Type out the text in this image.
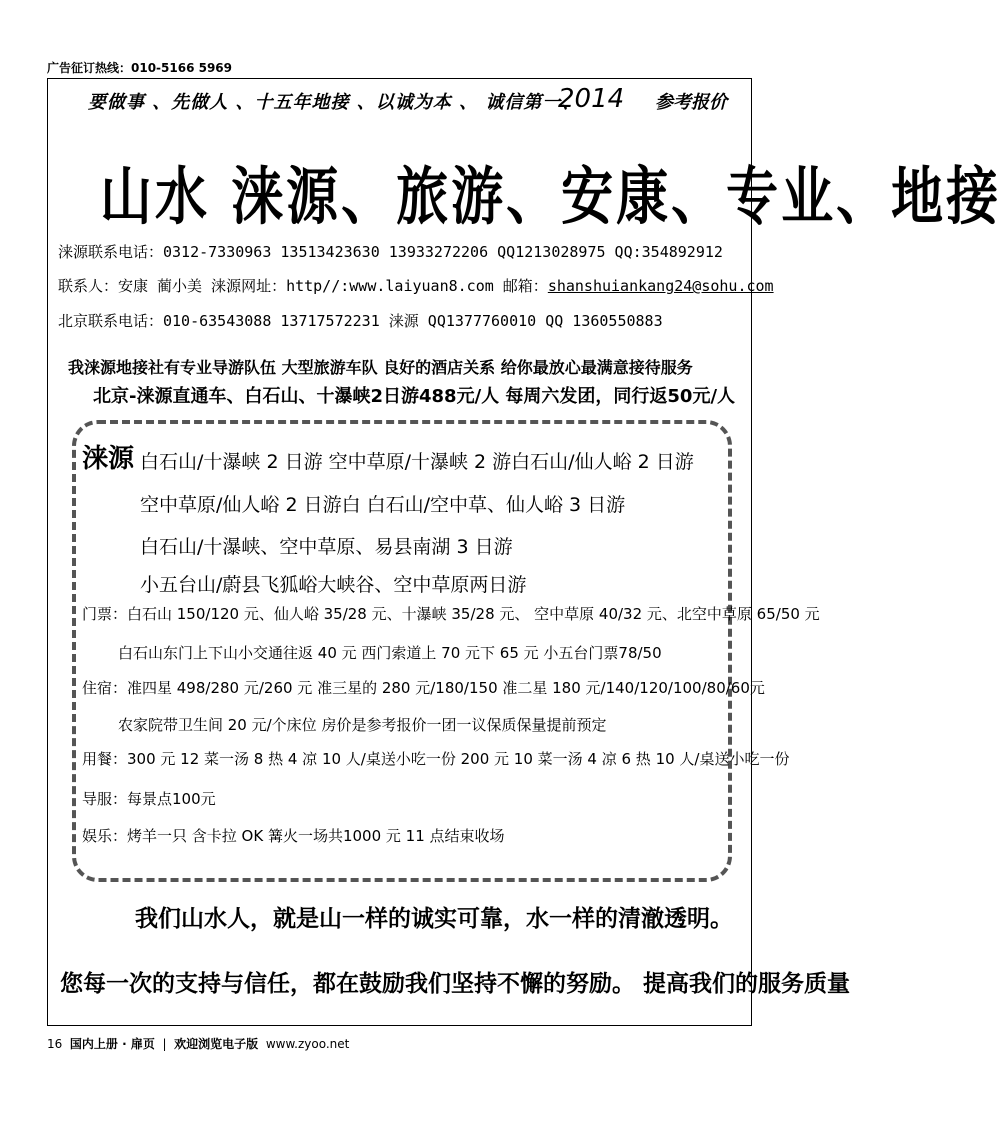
广告征订热线：010-5166 5969
要做事 、先做人 、十五年地接 、以诚为本 、 诚信第一、
2014 参考报价
山水 涞源、旅游、安康、专业、地接
涞源联系电话：0312-7330963 13513423630 13933272206 QQ1213028975 QQ:354892912
联系人：安康 蔺小美 涞源网址：http//:www.laiyuan8.com 邮箱：shanshuiankang24@sohu.com
北京联系电话：010-63543088 13717572231 涞源 QQ1377760010 QQ 1360550883
我涞源地接社有专业导游队伍 大型旅游车队 良好的酒店关系 给你最放心最满意接待服务
北京-涞源直通车、白石山、十瀑峡2日游488元/人 每周六发团，同行返50元/人
涞源 白石山/十瀑峡 2 日游 空中草原/十瀑峡 2 游白石山/仙人峪 2 日游
空中草原/仙人峪 2 日游白 白石山/空中草、仙人峪 3 日游
白石山/十瀑峡、空中草原、易县南湖 3 日游
小五台山/蔚县飞狐峪大峡谷、空中草原两日游
门票：白石山 150/120 元、仙人峪 35/28 元、十瀑峡 35/28 元、 空中草原 40/32 元、北空中草原 65/50 元
白石山东门上下山小交通往返 40 元 西门索道上 70 元下 65 元 小五台门票78/50
住宿：准四星 498/280 元/260 元 准三星的 280 元/180/150 准二星 180 元/140/120/100/80/60元
农家院带卫生间 20 元/个床位 房价是参考报价一团一议保质保量提前预定
用餐：300 元 12 菜一汤 8 热 4 凉 10 人/桌送小吃一份 200 元 10 菜一汤 4 凉 6 热 10 人/桌送小吃一份
导服：每景点100元
娱乐：烤羊一只 含卡拉 OK 篝火一场共1000 元 11 点结束收场
我们山水人，就是山一样的诚实可靠，水一样的清澈透明。
您每一次的支持与信任，都在鼓励我们坚持不懈的努励。 提高我们的服务质量
16 国内上册 · 扉页 | 欢迎浏览电子版 www.zyoo.net
